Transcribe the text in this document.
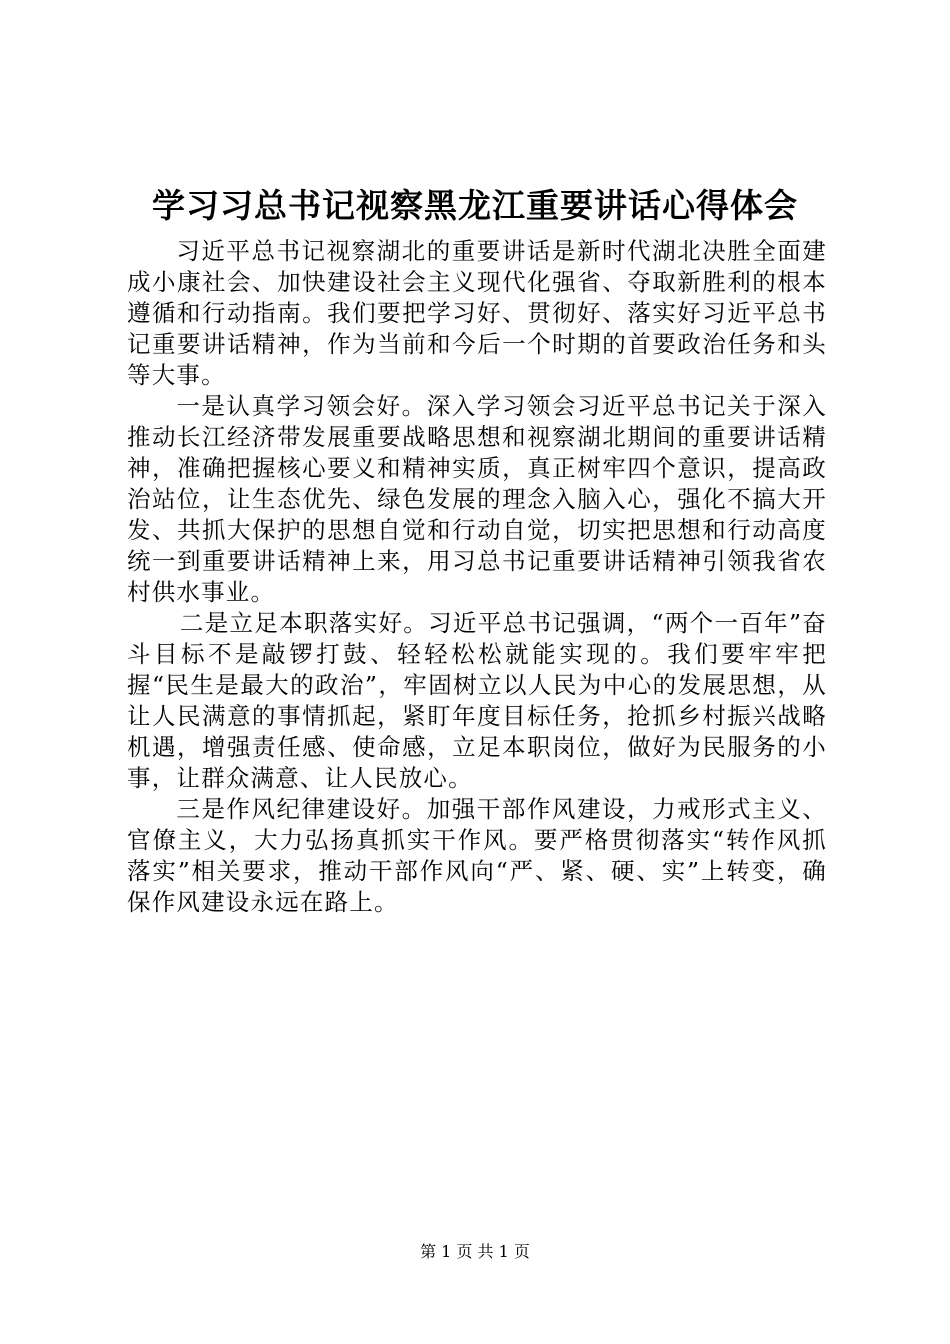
学习习总书记视察黑龙江重要讲话心得体会

习近平总书记视察湖北的重要讲话是新时代湖北决胜全面建成小康社会、加快建设社会主义现代化强省、夺取新胜利的根本遵循和行动指南。我们要把学习好、贯彻好、落实好习近平总书记重要讲话精神，作为当前和今后一个时期的首要政治任务和头等大事。

一是认真学习领会好。深入学习领会习近平总书记关于深入推动长江经济带发展重要战略思想和视察湖北期间的重要讲话精神，准确把握核心要义和精神实质，真正树牢四个意识，提高政治站位，让生态优先、绿色发展的理念入脑入心，强化不搞大开发、共抓大保护的思想自觉和行动自觉，切实把思想和行动高度统一到重要讲话精神上来，用习总书记重要讲话精神引领我省农村供水事业。

二是立足本职落实好。习近平总书记强调，“两个一百年”奋斗目标不是敲锣打鼓、轻轻松松就能实现的。我们要牢牢把握“民生是最大的政治”，牢固树立以人民为中心的发展思想，从让人民满意的事情抓起，紧盯年度目标任务，抢抓乡村振兴战略机遇，增强责任感、使命感，立足本职岗位，做好为民服务的小事，让群众满意、让人民放心。

三是作风纪律建设好。加强干部作风建设，力戒形式主义、官僚主义，大力弘扬真抓实干作风。要严格贯彻落实“转作风抓落实”相关要求，推动干部作风向“严、紧、硬、实”上转变，确保作风建设永远在路上。

第 1 页 共 1 页
